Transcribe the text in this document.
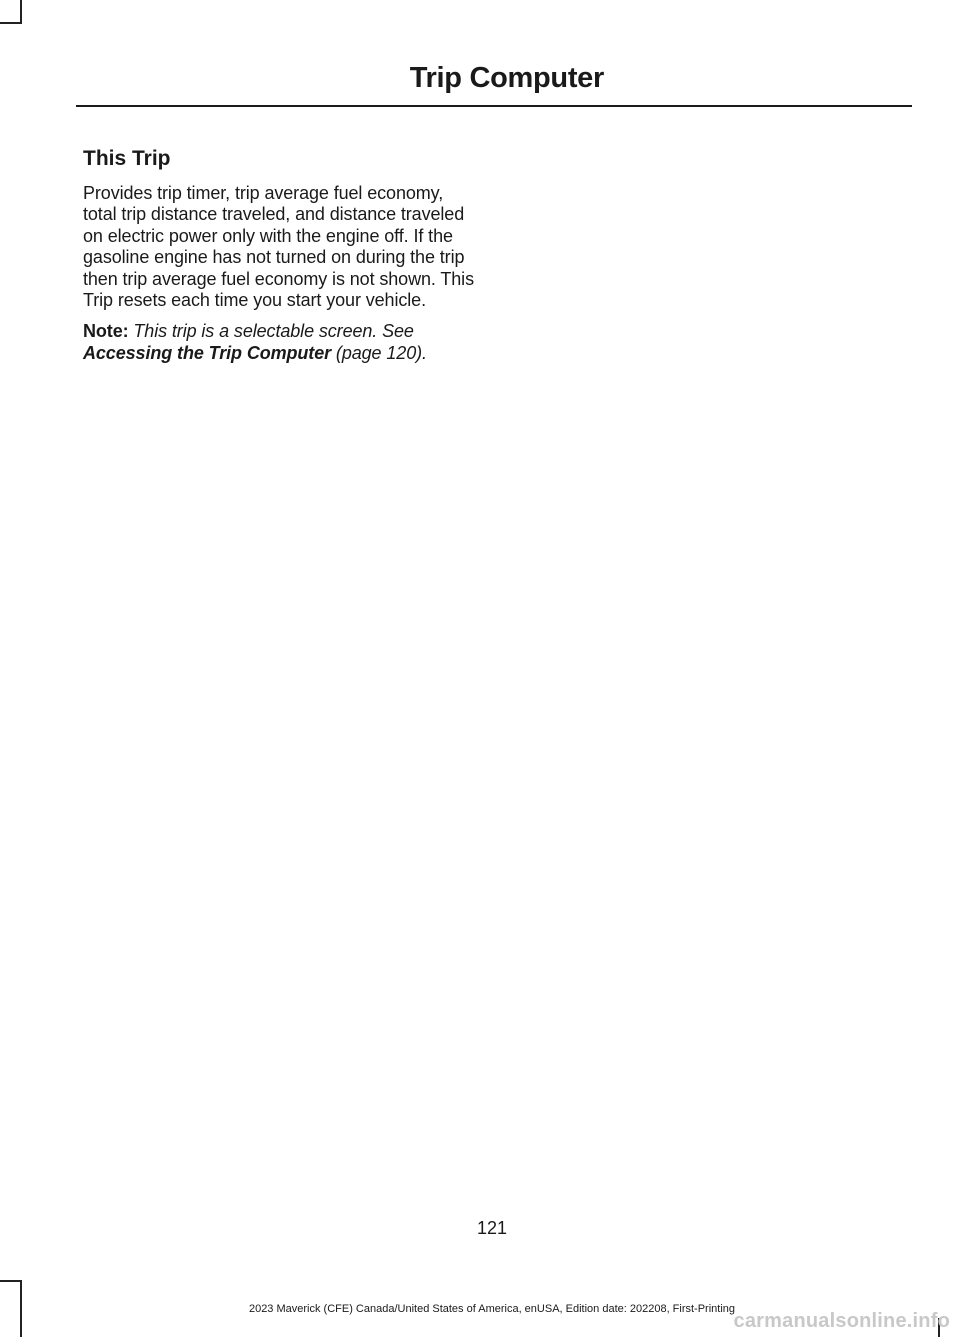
Trip Computer
This Trip

Provides trip timer, trip average fuel economy, total trip distance traveled, and distance traveled on electric power only with the engine off. If the gasoline engine has not turned on during the trip then trip average fuel economy is not shown. This Trip resets each time you start your vehicle.

Note: This trip is a selectable screen. See Accessing the Trip Computer (page 120).

121
2023 Maverick (CFE) Canada/United States of America, enUSA, Edition date: 202208, First-Printing
carmanualsonline.info
